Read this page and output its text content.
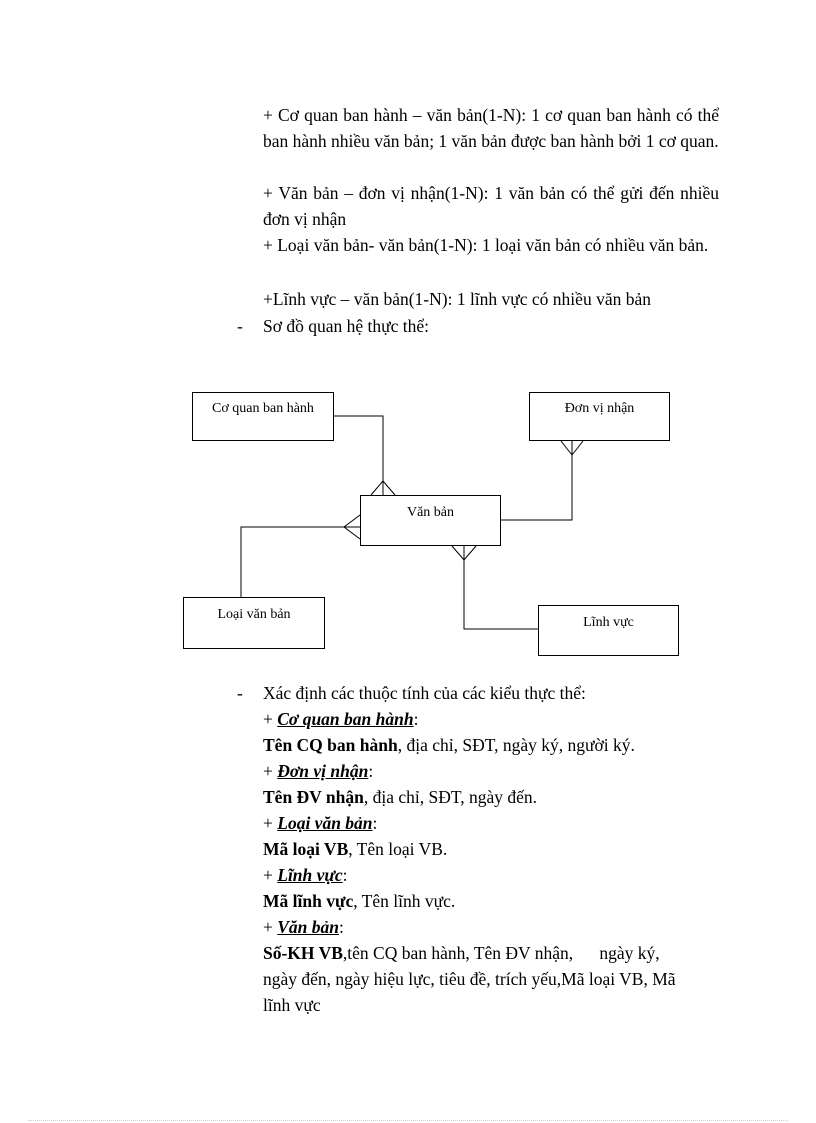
+ Cơ quan ban hành – văn bản(1-N): 1 cơ quan ban hành có thể ban hành nhiều văn bản; 1 văn bản được ban hành bởi 1 cơ quan.

+ Văn bản – đơn vị nhận(1-N): 1 văn bản có thể gửi đến nhiều đơn vị nhận

+ Loại văn bản- văn bản(1-N): 1 loại văn bản có nhiều văn bản.

+Lĩnh vực – văn bản(1-N): 1 lĩnh vực có nhiều văn bản

- Sơ đồ quan hệ thực thể:

Cơ quan ban hành	Đơn vị nhận
Văn bản
Loại văn bản
Lĩnh vực
- Xác định các thuộc tính của các kiểu thực thể:

+ Cơ quan ban hành:

Tên CQ ban hành, địa chỉ, SĐT, ngày ký, người ký.

+ Đơn vị nhận:

Tên ĐV nhận, địa chỉ, SĐT, ngày đến.

+ Loại văn bản:

Mã loại VB, Tên loại VB.

+ Lĩnh vực:

Mã lĩnh vực, Tên lĩnh vực.

+ Văn bản:

Số-KH VB,tên CQ ban hành, Tên ĐV nhận,      ngày ký,

ngày đến, ngày hiệu lực, tiêu đề, trích yếu,Mã loại VB, Mã

lĩnh vực
